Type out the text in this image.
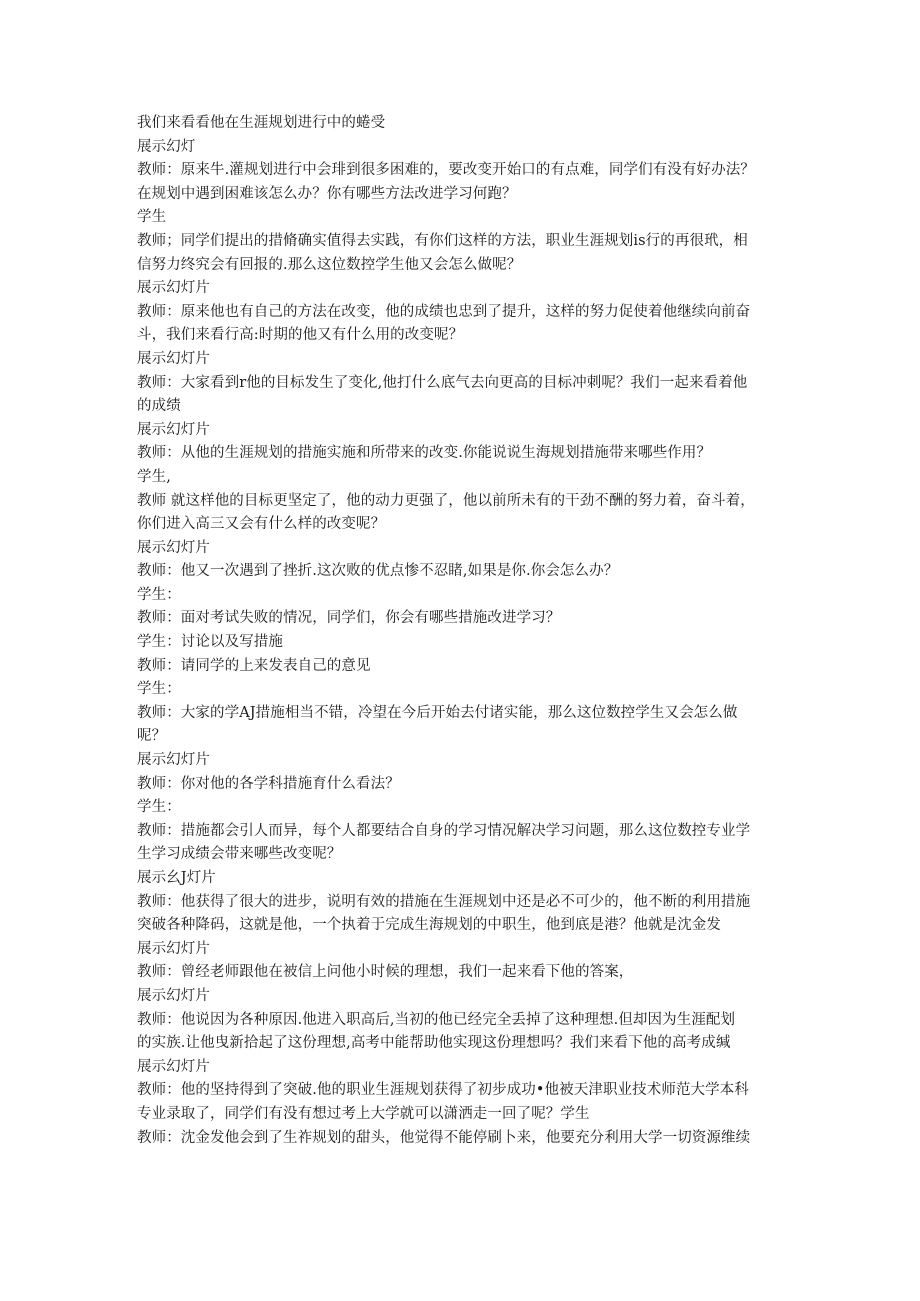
我们来看看他在生涯规划进行中的蜷受
展示幻灯
教师：原来牛.灌规划进行中会琲到很多困难的，要改变开始口的有点难，同学们有没有好办法？
在规划中遇到困难该怎么办？你有哪些方法改进学习何跑？
学生
教师；同学们提出的措脩确实值得去实践，有你们这样的方法，职业生涯规划is行的再很玳，相
信努力终究会有回报的.那么这位数控学生他又会怎么做呢？
展示幻灯片
教师：原来他也有自己的方法在改变，他的成绩也忠到了提升，这样的努力促使着他继续向前奋
斗，我们来看行高:时期的他又有什么用的改变呢？
展示幻灯片
教师：大家看到r他的目标发生了变化,他打什么底气去向更高的目标冲刺呢？我们一起来看着他
的成绩
展示幻灯片
教师：从他的生涯规划的措施实施和所带来的改变.你能说说生海规划措施带来哪些作用？
学生,
教师 就这样他的目标更坚定了，他的动力更强了，他以前所未有的干劲不酬的努力着，奋斗着，
你们进入高三又会有什么样的改变呢？
展示幻灯片
教师：他又一次遇到了挫折.这次败的优点惨不忍睹,如果是你.你会怎么办？
学生：
教师：面对考试失败的情况，同学们，你会有哪些措施改进学习？
学生：讨论以及写措施
教师：请同学的上来发表自己的意见
学生：
教师：大家的学AJ措施相当不错，冷望在今后开始去付诸实能，那么这位数控学生又会怎么做
呢？
展示幻灯片
教师：你对他的各学科措施育什么看法？
学生：
教师：措施都会引人而异，每个人都要结合自身的学习情况解决学习问题，那么这位数控专业学
生学习成绩会带来哪些改变呢？
展示幺J灯片
教师：他获得了很大的进步，说明有效的措施在生涯规划中还是必不可少的，他不断的利用措施
突破各种降码，这就是他，一个执着于完成生海规划的中职生，他到底是港？他就是沈金发
展示幻灯片
教师：曾经老师跟他在被信上问他小时候的理想，我们一起来看下他的答案，
展示幻灯片
教师：他说因为各种原因.他进入职高后,当初的他已经完全丢掉了这种理想.但却因为生涯配划
的实族.让他曳新拾起了这份理想,高考中能帮助他实现这份理想吗？我们来看下他的高考成缄
展示幻灯片
教师：他的坚持得到了突破.他的职业生涯规划获得了初步成功•他被天津职业技术师范大学本科
专业录取了，同学们有没有想过考上大学就可以潇洒走一回了呢？学生
教师：沈金发他会到了生祚规划的甜头，他觉得不能停刷卜来，他要充分利用大学一切资源维续
